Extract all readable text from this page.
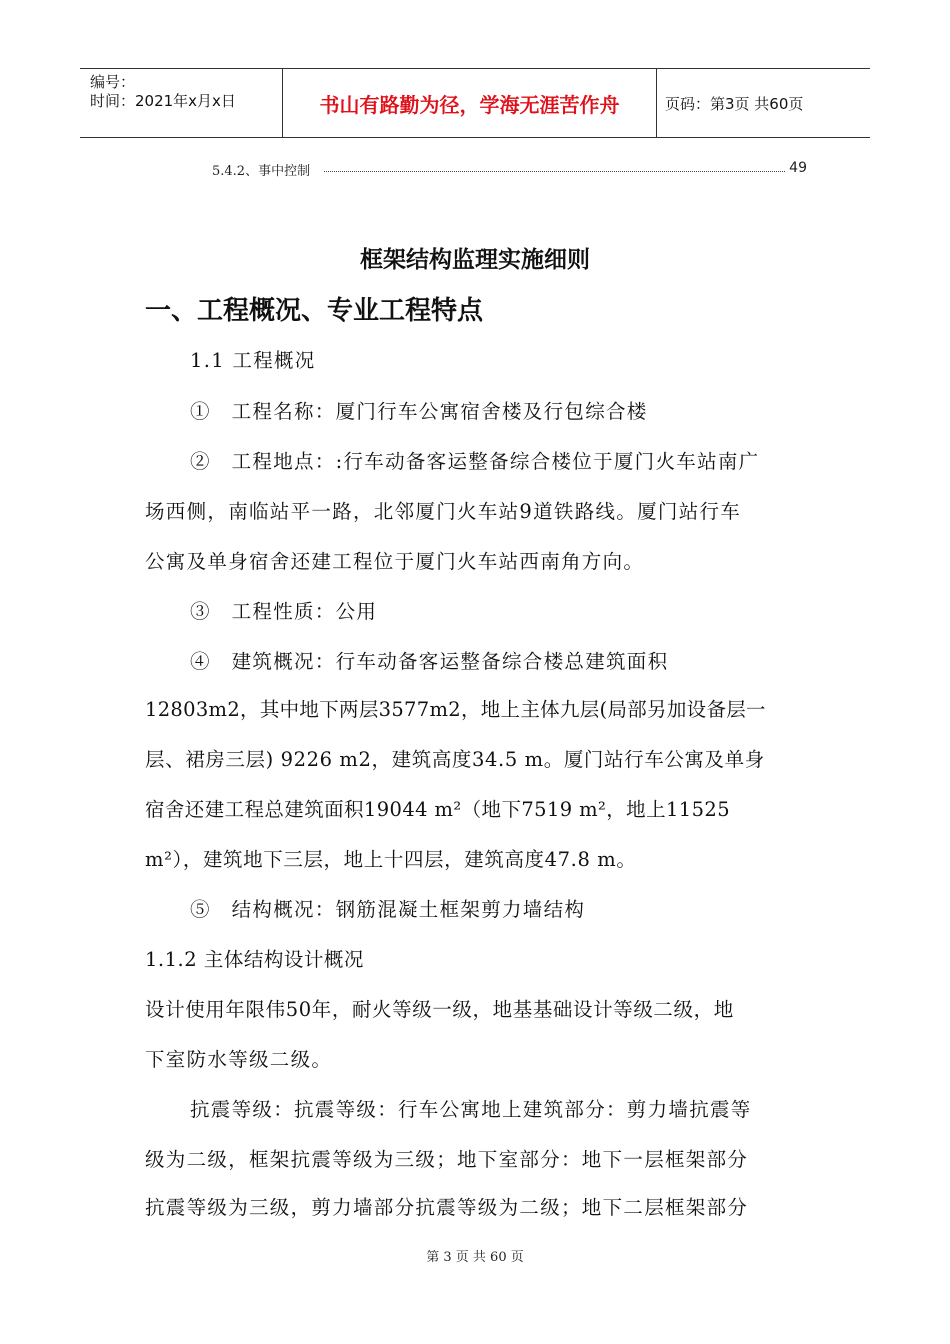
编号：
时间：2021年x月x日	书山有路勤为径，学海无涯苦作舟	页码：第3页 共60页
5.4.2、事中控制	49
框架结构监理实施细则
一、工程概况、专业工程特点
1.1 工程概况
①　工程名称：厦门行车公寓宿舍楼及行包综合楼
②　工程地点：:行车动备客运整备综合楼位于厦门火车站南广
场西侧，南临站平一路，北邻厦门火车站9道铁路线。厦门站行车
公寓及单身宿舍还建工程位于厦门火车站西南角方向。
③　工程性质：公用
④　建筑概况：行车动备客运整备综合楼总建筑面积
12803m2，其中地下两层3577m2，地上主体九层(局部另加设备层一
层、裙房三层) 9226 m2，建筑高度34.5 m。厦门站行车公寓及单身
宿舍还建工程总建筑面积19044 m²（地下7519 m²，地上11525
m²），建筑地下三层，地上十四层，建筑高度47.8 m。
⑤　结构概况：钢筋混凝土框架剪力墙结构
1.1.2 主体结构设计概况
设计使用年限伟50年，耐火等级一级，地基基础设计等级二级，地
下室防水等级二级。
抗震等级：抗震等级：行车公寓地上建筑部分：剪力墙抗震等
级为二级，框架抗震等级为三级；地下室部分：地下一层框架部分
抗震等级为三级，剪力墙部分抗震等级为二级；地下二层框架部分
第 3 页 共 60 页
